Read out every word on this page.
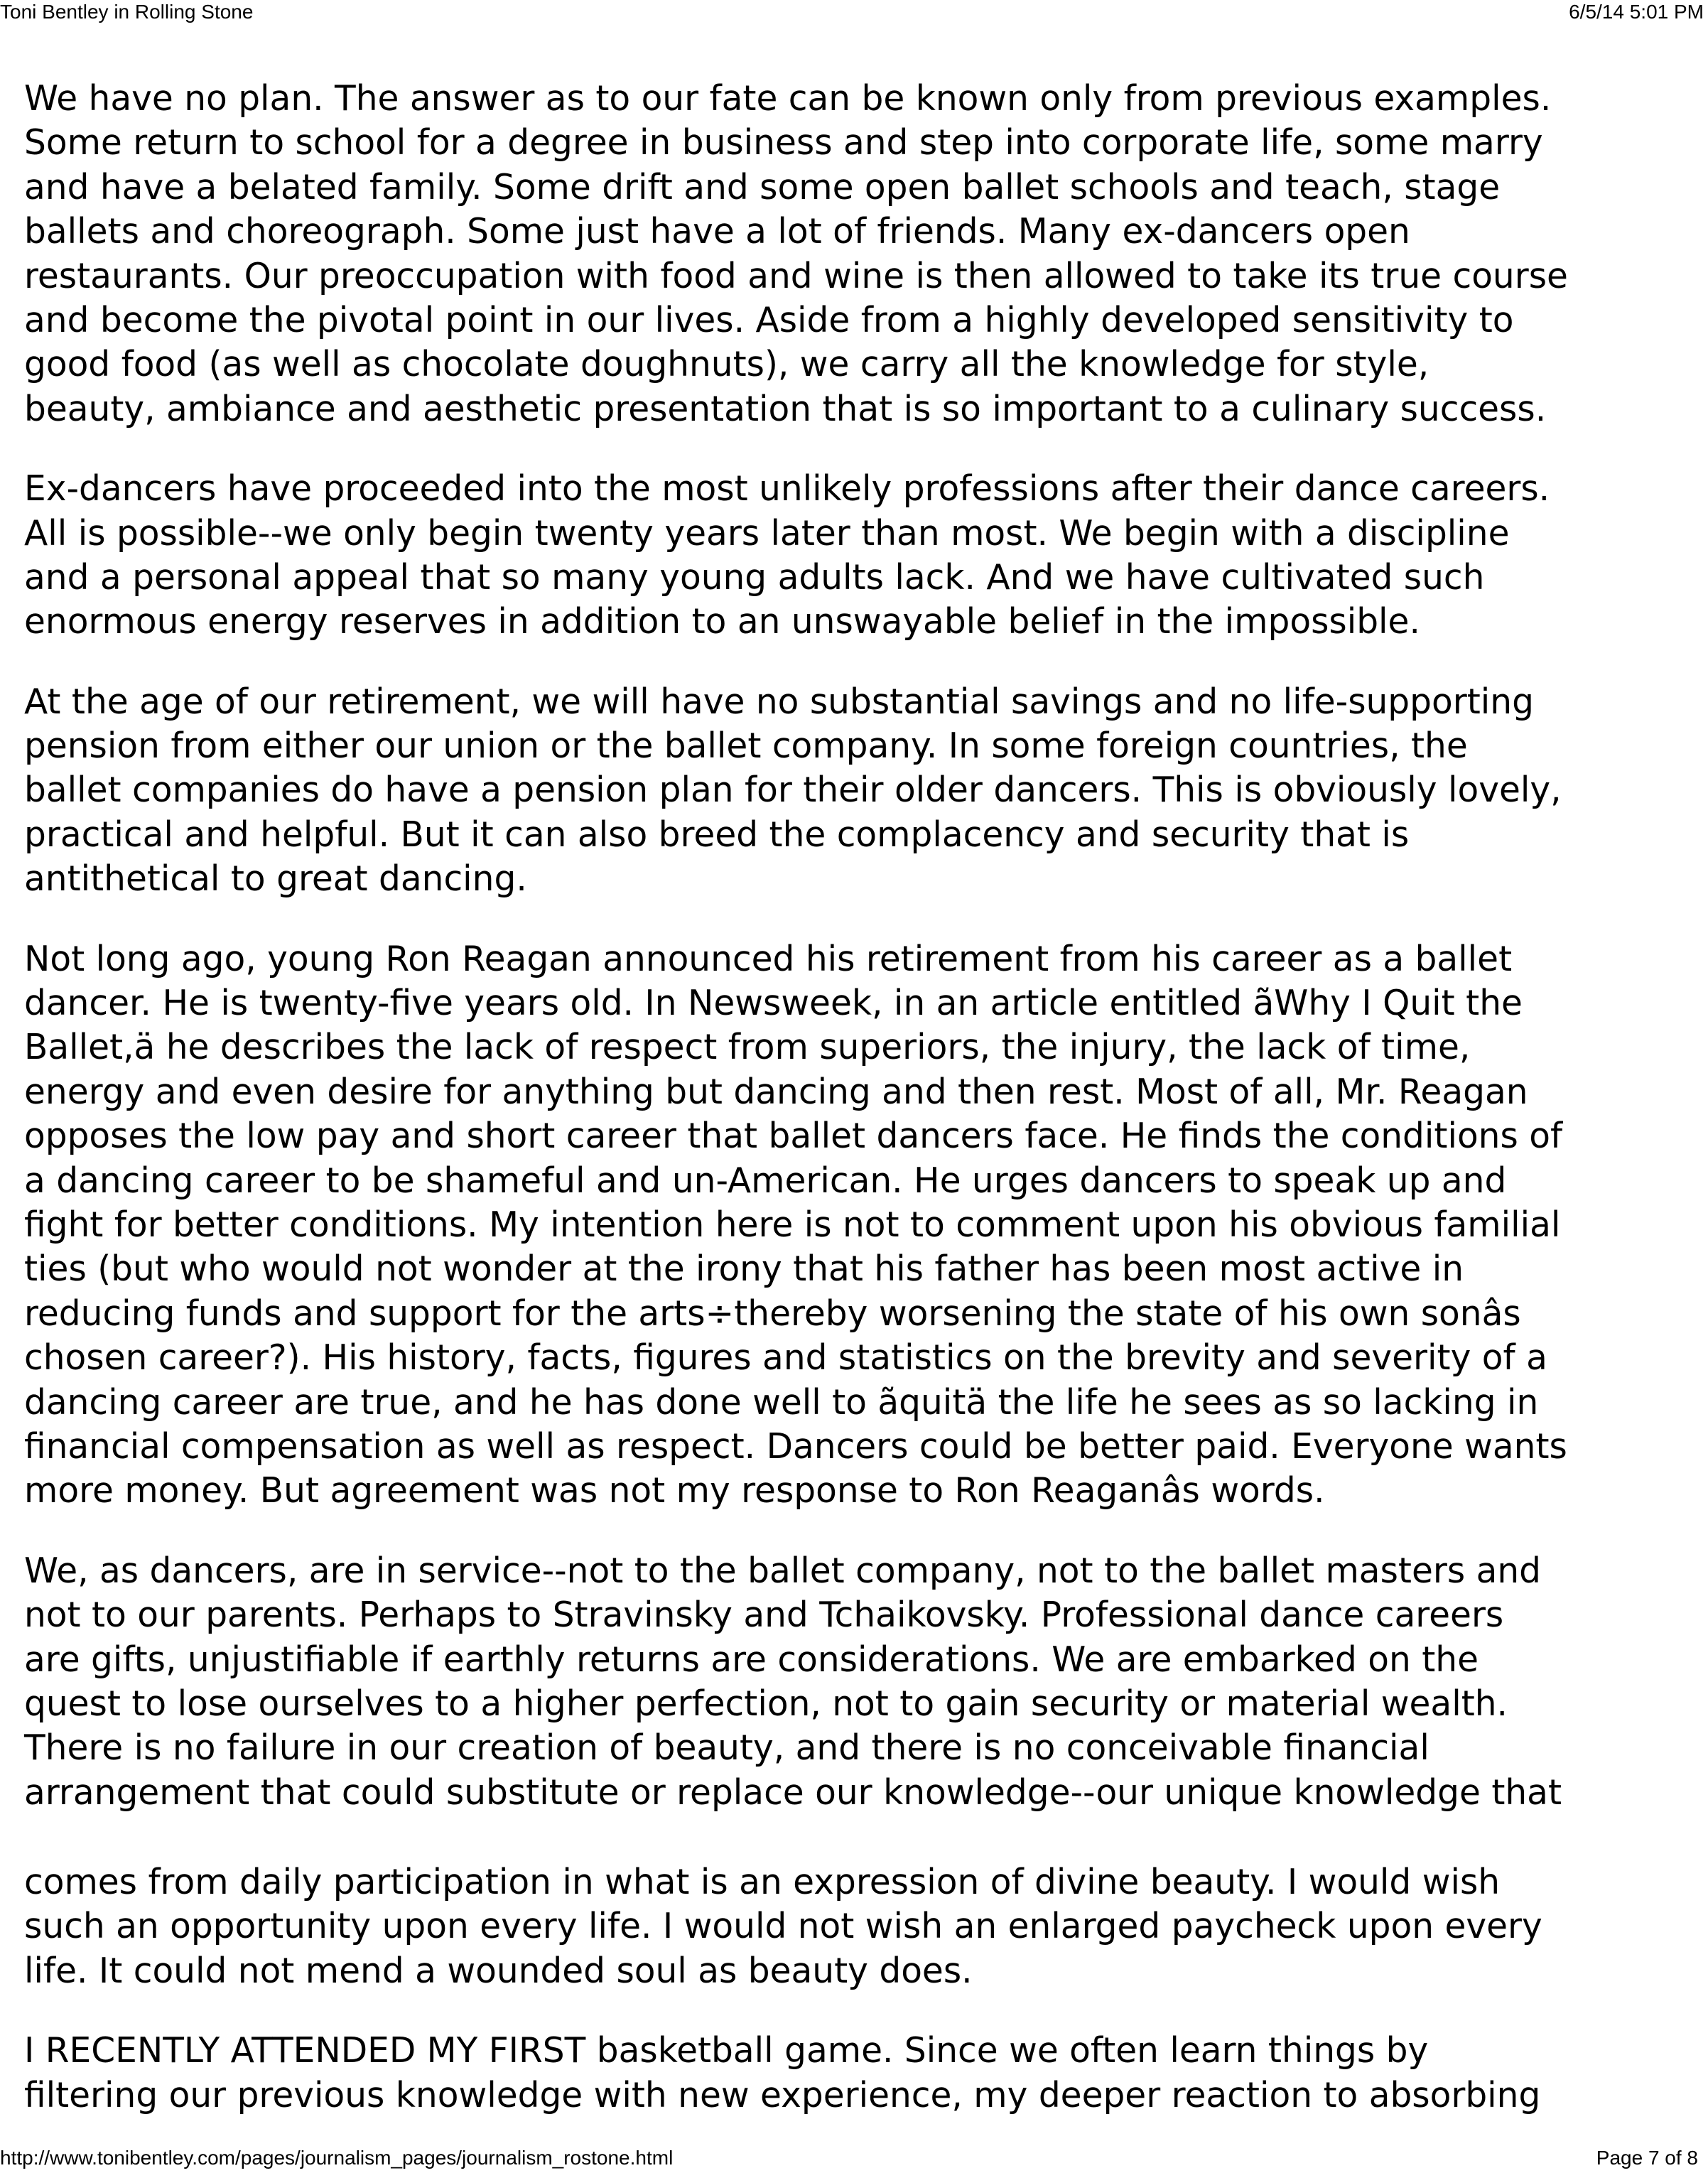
Toni Bentley in Rolling Stone	6/5/14 5:01 PM
We have no plan. The answer as to our fate can be known only from previous examples.
Some return to school for a degree in business and step into corporate life, some marry
and have a belated family. Some drift and some open ballet schools and teach, stage
ballets and choreograph. Some just have a lot of friends. Many ex-dancers open
restaurants. Our preoccupation with food and wine is then allowed to take its true course
and become the pivotal point in our lives. Aside from a highly developed sensitivity to
good food (as well as chocolate doughnuts), we carry all the knowledge for style,
beauty, ambiance and aesthetic presentation that is so important to a culinary success.
Ex-dancers have proceeded into the most unlikely professions after their dance careers.
All is possible--we only begin twenty years later than most. We begin with a discipline
and a personal appeal that so many young adults lack. And we have cultivated such
enormous energy reserves in addition to an unswayable belief in the impossible.
At the age of our retirement, we will have no substantial savings and no life-supporting
pension from either our union or the ballet company. In some foreign countries, the
ballet companies do have a pension plan for their older dancers. This is obviously lovely,
practical and helpful. But it can also breed the complacency and security that is
antithetical to great dancing.
Not long ago, young Ron Reagan announced his retirement from his career as a ballet
dancer. He is twenty-five years old. In Newsweek, in an article entitled ãWhy I Quit the
Ballet,ä he describes the lack of respect from superiors, the injury, the lack of time,
energy and even desire for anything but dancing and then rest. Most of all, Mr. Reagan
opposes the low pay and short career that ballet dancers face. He finds the conditions of
a dancing career to be shameful and un-American. He urges dancers to speak up and
fight for better conditions. My intention here is not to comment upon his obvious familial
ties (but who would not wonder at the irony that his father has been most active in
reducing funds and support for the arts÷thereby worsening the state of his own sonâs
chosen career?). His history, facts, figures and statistics on the brevity and severity of a
dancing career are true, and he has done well to ãquitä the life he sees as so lacking in
financial compensation as well as respect. Dancers could be better paid. Everyone wants
more money. But agreement was not my response to Ron Reaganâs words.
We, as dancers, are in service--not to the ballet company, not to the ballet masters and
not to our parents. Perhaps to Stravinsky and Tchaikovsky. Professional dance careers
are gifts, unjustifiable if earthly returns are considerations. We are embarked on the
quest to lose ourselves to a higher perfection, not to gain security or material wealth.
There is no failure in our creation of beauty, and there is no conceivable financial
arrangement that could substitute or replace our knowledge--our unique knowledge that
comes from daily participation in what is an expression of divine beauty. I would wish
such an opportunity upon every life. I would not wish an enlarged paycheck upon every
life. It could not mend a wounded soul as beauty does.
I RECENTLY ATTENDED MY FIRST basketball game. Since we often learn things by
filtering our previous knowledge with new experience, my deeper reaction to absorbing
http://www.tonibentley.com/pages/journalism_pages/journalism_rostone.html	Page 7 of 8
